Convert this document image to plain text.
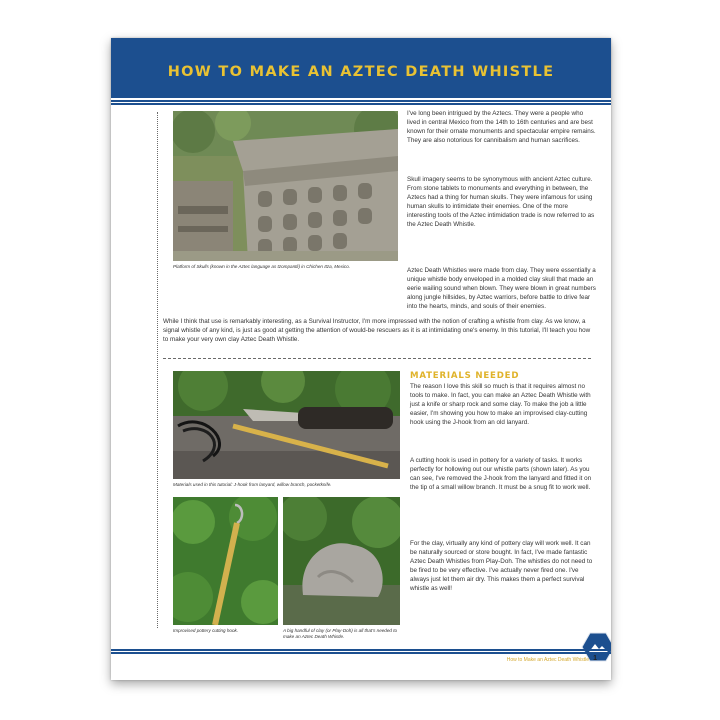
HOW TO MAKE AN AZTEC DEATH WHISTLE
Platform of Skulls (known in the Aztec language as tzompantli) in Chichen Itza, Mexico.

I've long been intrigued by the Aztecs. They were a people who lived in central Mexico from the 14th to 16th centuries and are best known for their ornate monuments and spectacular empire remains. They are also notorious for cannibalism and human sacrifices.

Skull imagery seems to be synonymous with ancient Aztec culture. From stone tablets to monuments and everything in between, the Aztecs had a thing for human skulls. They were infamous for using human skulls to intimidate their enemies. One of the more interesting tools of the Aztec intimidation trade is now referred to as the Aztec Death Whistle.

Aztec Death Whistles were made from clay. They were essentially a unique whistle body enveloped in a molded clay skull that made an eerie wailing sound when blown. They were blown in great numbers along jungle hillsides, by Aztec warriors, before battle to drive fear into the hearts, minds, and souls of their enemies.

While I think that use is remarkably interesting, as a Survival Instructor, I'm more impressed with the notion of crafting a whistle from clay. As we know, a signal whistle of any kind, is just as good at getting the attention of would-be rescuers as it is at intimidating one's enemy. In this tutorial, I'll teach you how to make your very own clay Aztec Death Whistle.

Materials used in this tutorial: J-hook from lanyard, willow branch, pocketknife.
Improvised pottery cutting hook.	A big handful of clay (or Play-Doh) is all that's needed to make an Aztec Death Whistle.
MATERIALS NEEDED

The reason I love this skill so much is that it requires almost no tools to make. In fact, you can make an Aztec Death Whistle with just a knife or sharp rock and some clay. To make the job a little easier, I'm showing you how to make an improvised clay-cutting hook using the J-hook from an old lanyard.

A cutting hook is used in pottery for a variety of tasks. It works perfectly for hollowing out our whistle parts (shown later). As you can see, I've removed the J-hook from the lanyard and fitted it on the tip of a small willow branch. It must be a snug fit to work well.

For the clay, virtually any kind of pottery clay will work well. It can be naturally sourced or store bought. In fact, I've made fantastic Aztec Death Whistles from Play-Doh. The whistles do not need to be fired to be very effective. I've actually never fired one. I've always just let them air dry. This makes them a perfect survival whistle as well!

How to Make an Aztec Death Whistle 1
